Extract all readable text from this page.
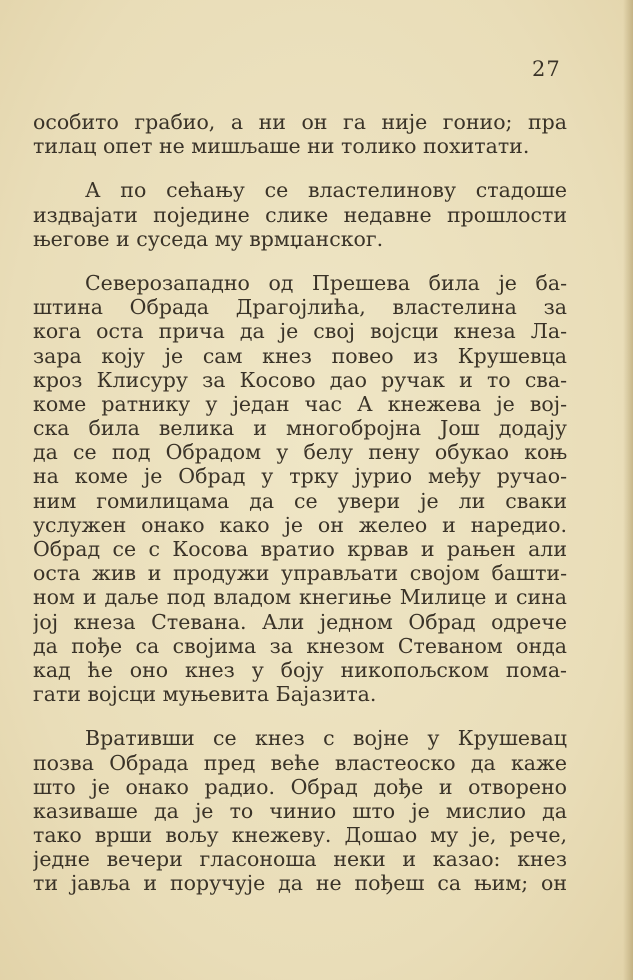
27
особито грабио, а ни он га није гонио; пра
тилац опет не мишљаше ни толико похитати.
А по сећању се властелинову стадоше
издвајати поједине слике недавне прошлости
његове и суседа му врмџанског.
Северозападно од Прешева била је ба-
штина Обрада Драгојлића, властелина за
кога оста прича да је свој војсци кнеза Ла-
зара коју је сам кнез повео из Крушевца
кроз Клисуру за Косово дао ручак и то сва-
коме ратнику у један час А кнежева је вој-
ска била велика и многобројна Још додају
да се под Обрадом у белу пену обукао коњ
на коме је Обрад у трку јурио међу ручао-
ним гомилицама да се увери је ли сваки
услужен онако како је он желео и наредио.
Обрад се с Косова вратио крвав и рањен али
оста жив и продужи управљати својом башти-
ном и даље под владом кнегиње Милице и сина
јој кнеза Стевана. Али једном Обрад одрече
да пође са својима за кнезом Стеваном онда
кад ће оно кнез у боју никопољском пома-
гати војсци муњевита Бајазита.
Вративши се кнез с војне у Крушевац
позва Обрада пред веће властеоско да каже
што је онако радио. Обрад дође и отворено
казиваше да је то чинио што је мислио да
тако врши вољу кнежеву. Дошао му је, рече,
једне вечери гласоноша неки и казао: кнез
ти јавља и поручује да не пођеш са њим; он
